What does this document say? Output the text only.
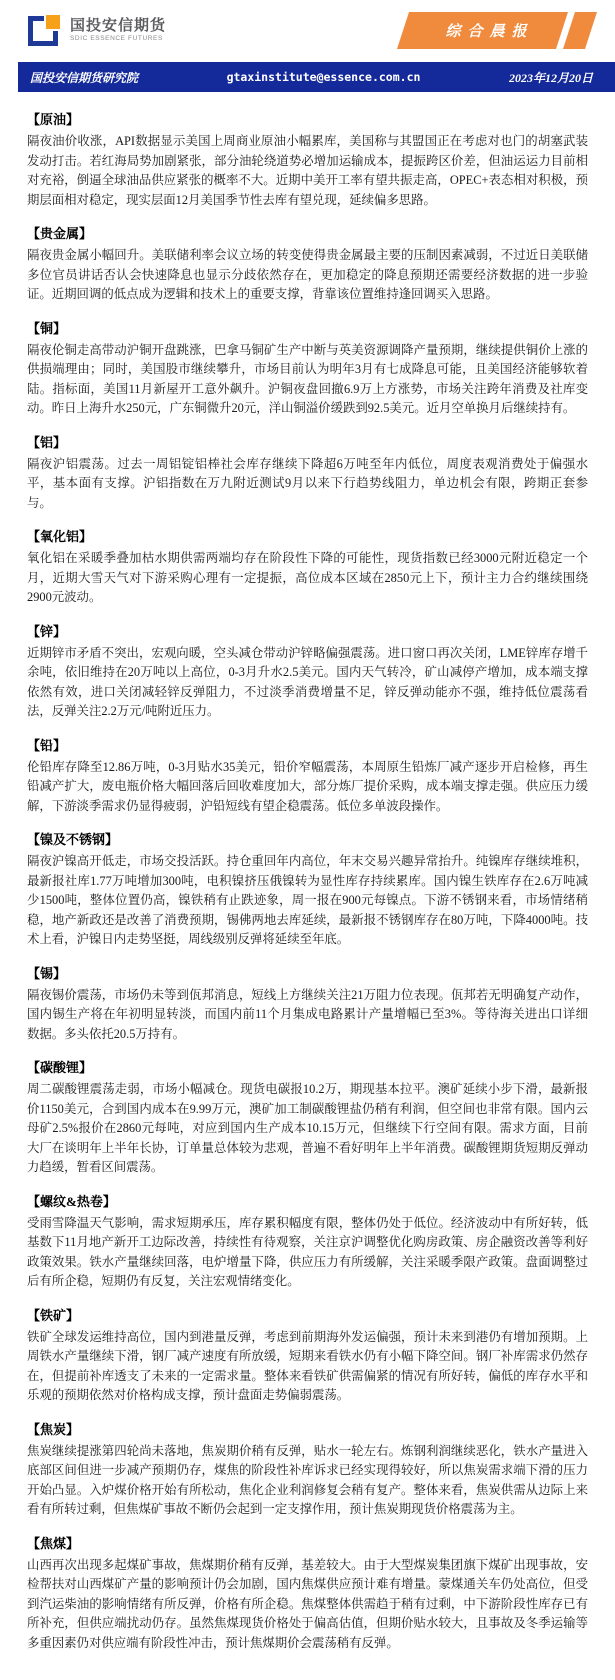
国投安信期货
SDIC ESSENCE FUTURES	综合晨报
国投安信期货研究院	gtaxinstitute@essence.com.cn	2023年12月20日
【原油】

隔夜油价收涨，API数据显示美国上周商业原油小幅累库，美国称与其盟国正在考虑对也门的胡塞武装发动打击。若红海局势加剧紧张，部分油轮绕道势必增加运输成本，提振跨区价差，但油运运力目前相对充裕，倒逼全球油品供应紧张的概率不大。近期中美开工率有望共振走高，OPEC+表态相对积极，预期层面相对稳定，现实层面12月美国季节性去库有望兑现，延续偏多思路。

【贵金属】

隔夜贵金属小幅回升。美联储利率会议立场的转变使得贵金属最主要的压制因素减弱，不过近日美联储多位官员讲话否认会快速降息也显示分歧依然存在，更加稳定的降息预期还需要经济数据的进一步验证。近期回调的低点成为逻辑和技术上的重要支撑，背靠该位置维持逢回调买入思路。

【铜】

隔夜伦铜走高带动沪铜开盘跳涨，巴拿马铜矿生产中断与英美资源调降产量预期，继续提供铜价上涨的供损端理由；同时，美国股市继续攀升，市场目前认为明年3月有七成降息可能，且美国经济能够软着陆。指标面，美国11月新屋开工意外飙升。沪铜夜盘回撤6.9万上方涨势，市场关注跨年消费及社库变动。昨日上海升水250元，广东铜微升20元，洋山铜溢价缓跌到92.5美元。近月空单换月后继续持有。

【铝】

隔夜沪铝震荡。过去一周铝锭铝棒社会库存继续下降超6万吨至年内低位，周度表观消费处于偏强水平，基本面有支撑。沪铝指数在万九附近测试9月以来下行趋势线阻力，单边机会有限，跨期正套参与。

【氧化铝】

氧化铝在采暖季叠加枯水期供需两端均存在阶段性下降的可能性，现货指数已经3000元附近稳定一个月，近期大雪天气对下游采购心理有一定提振，高位成本区域在2850元上下，预计主力合约继续围绕2900元波动。

【锌】

近期锌市矛盾不突出，宏观向暖，空头减仓带动沪锌略偏强震荡。进口窗口再次关闭，LME锌库存增千余吨，依旧维持在20万吨以上高位，0-3月升水2.5美元。国内天气转冷，矿山减停产增加，成本端支撑依然有效，进口关闭减轻锌反弹阻力，不过淡季消费增量不足，锌反弹动能亦不强，维持低位震荡看法，反弹关注2.2万元/吨附近压力。

【铅】

伦铅库存降至12.86万吨，0-3月贴水35美元，铅价窄幅震荡，本周原生铅炼厂减产逐步开启检修，再生铅减产扩大，废电瓶价格大幅回落后回收难度加大，部分炼厂提价采购，成本端支撑走强。供应压力缓解，下游淡季需求仍显得疲弱，沪铅短线有望企稳震荡。低位多单波段操作。

【镍及不锈钢】

隔夜沪镍高开低走，市场交投活跃。持仓重回年内高位，年末交易兴趣异常抬升。纯镍库存继续堆积，最新报社库1.77万吨增加300吨，电积镍挤压俄镍转为显性库存持续累库。国内镍生铁库存在2.6万吨减少1500吨，整体位置仍高，镍铁稍有止跌迹象，周一报在900元每镍点。下游不锈钢来看，市场情绪稍稳，地产新政还是改善了消费预期，锡佛两地去库延续，最新报不锈钢库存在80万吨，下降4000吨。技术上看，沪镍日内走势坚挺，周线级别反弹将延续至年底。

【锡】

隔夜锡价震荡，市场仍未等到佤邦消息，短线上方继续关注21万阻力位表现。佤邦若无明确复产动作，国内锡生产将在年初明显转淡，而国内前11个月集成电路累计产量增幅已至3%。等待海关进出口详细数据。多头依托20.5万持有。

【碳酸锂】

周二碳酸锂震荡走弱，市场小幅减仓。现货电碳报10.2万，期现基本拉平。澳矿延续小步下滑，最新报价1150美元，合到国内成本在9.99万元，澳矿加工制碳酸锂盐仍稍有利润，但空间也非常有限。国内云母矿2.5%报价在2860元每吨，对应到国内生产成本10.15万元，但继续下行空间有限。需求方面，目前大厂在谈明年上半年长协，订单量总体较为悲观，普遍不看好明年上半年消费。碳酸锂期货短期反弹动力趋缓，暂看区间震荡。

【螺纹&热卷】

受雨雪降温天气影响，需求短期承压，库存累积幅度有限，整体仍处于低位。经济波动中有所好转，低基数下11月地产新开工边际改善，持续性有待观察，关注京沪调整优化购房政策、房企融资改善等利好政策效果。铁水产量继续回落，电炉增量下降，供应压力有所缓解，关注采暖季限产政策。盘面调整过后有所企稳，短期仍有反复，关注宏观情绪变化。

【铁矿】

铁矿全球发运维持高位，国内到港量反弹，考虑到前期海外发运偏强，预计未来到港仍有增加预期。上周铁水产量继续下滑，钢厂减产速度有所放缓，短期来看铁水仍有小幅下降空间。钢厂补库需求仍然存在，但提前补库透支了未来的一定需求量。整体来看铁矿供需偏紧的情况有所好转，偏低的库存水平和乐观的预期依然对价格构成支撑，预计盘面走势偏弱震荡。

【焦炭】

焦炭继续提涨第四轮尚未落地，焦炭期价稍有反弹，贴水一轮左右。炼钢利润继续恶化，铁水产量进入底部区间但进一步减产预期仍存，煤焦的阶段性补库诉求已经实现得较好，所以焦炭需求端下滑的压力开始凸显。入炉煤价格开始有所松动，焦化企业利润修复会稍有复产。整体来看，焦炭供需从边际上来看有所转过剩，但焦煤矿事故不断仍会起到一定支撑作用，预计焦炭期现货价格震荡为主。

【焦煤】

山西再次出现多起煤矿事故，焦煤期价稍有反弹，基差较大。由于大型煤炭集团旗下煤矿出现事故，安检帮扶对山西煤矿产量的影响预计仍会加剧，国内焦煤供应预计难有增量。蒙煤通关车仍处高位，但受到汽运柴油的影响情绪有所反弹，价格有所企稳。焦煤整体供需趋于稍有过剩，中下游阶段性库存已有所补充，但供应端扰动仍存。虽然焦煤现货价格处于偏高估值，但期价贴水较大，且事故及冬季运输等多重因素仍对供应端有阶段性冲击，预计焦煤期价会震荡稍有反弹。
